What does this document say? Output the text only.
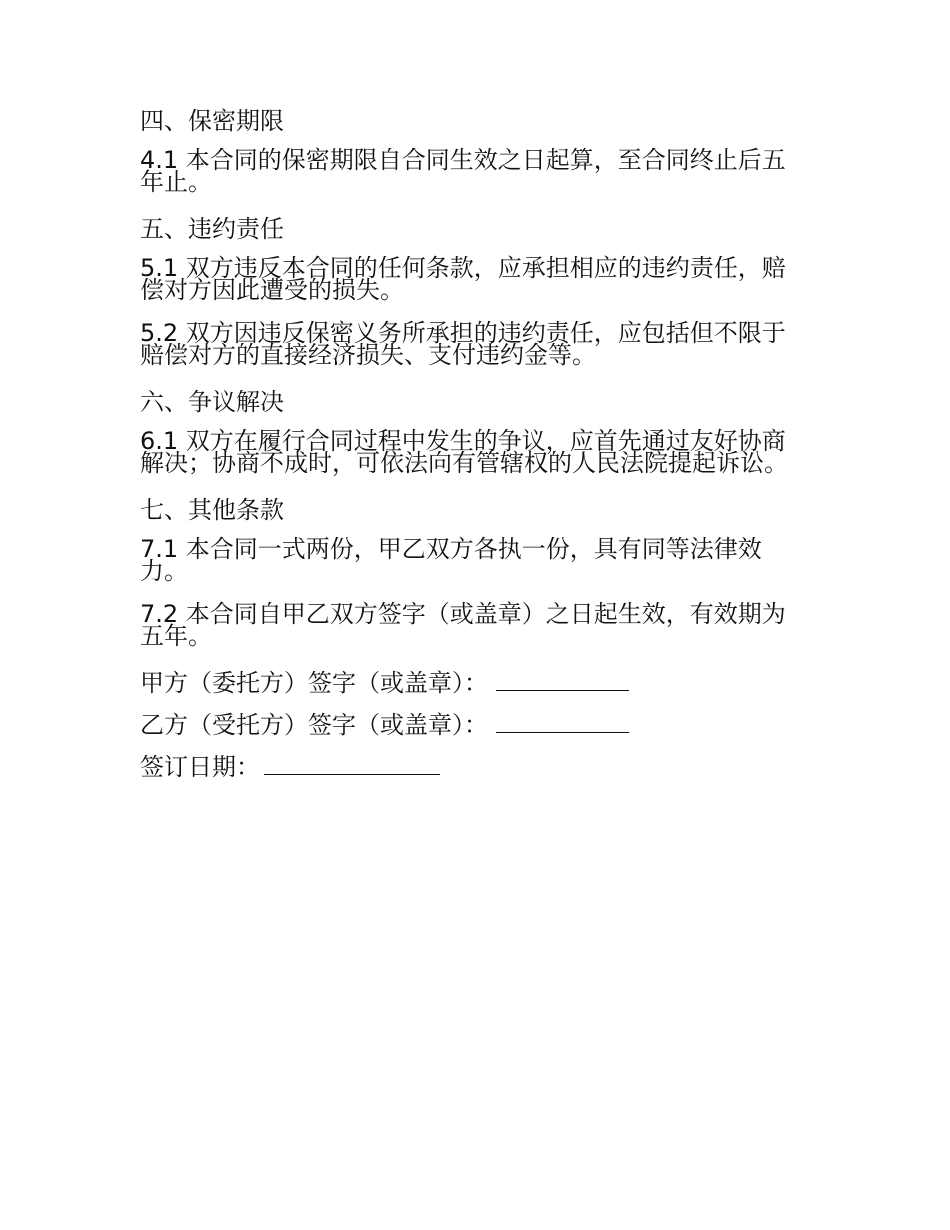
四、保密期限
4.1 本合同的保密期限自合同生效之日起算，至合同终止后五年止。
五、违约责任
5.1 双方违反本合同的任何条款，应承担相应的违约责任，赔偿对方因此遭受的损失。
5.2 双方因违反保密义务所承担的违约责任，应包括但不限于赔偿对方的直接经济损失、支付违约金等。
六、争议解决
6.1 双方在履行合同过程中发生的争议，应首先通过友好协商解决；协商不成时，可依法向有管辖权的人民法院提起诉讼。
七、其他条款
7.1 本合同一式两份，甲乙双方各执一份，具有同等法律效力。
7.2 本合同自甲乙双方签字（或盖章）之日起生效，有效期为五年。
甲方（委托方）签字（或盖章）：
乙方（受托方）签字（或盖章）：
签订日期：
